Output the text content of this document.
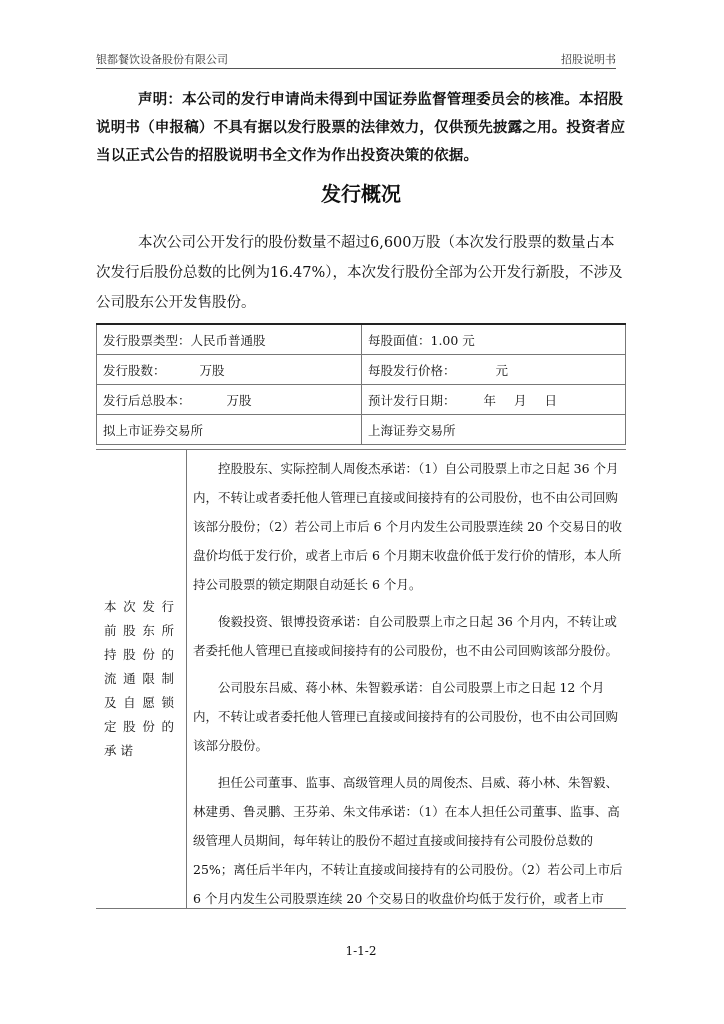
银都餐饮设备股份有限公司	招股说明书
声明：本公司的发行申请尚未得到中国证券监督管理委员会的核准。本招股说明书（申报稿）不具有据以发行股票的法律效力，仅供预先披露之用。投资者应当以正式公告的招股说明书全文作为作出投资决策的依据。
发行概况
本次公司公开发行的股份数量不超过6,600万股（本次发行股票的数量占本次发行后股份总数的比例为16.47%），本次发行股份全部为公开发行新股，不涉及公司股东公开发售股份。
发行股票类型：人民币普通股	每股面值：1.00 元
发行股数： 万股	每股发行价格： 元
发行后总股本： 万股	预计发行日期： 年 月 日
拟上市证券交易所	上海证券交易所
本次发行前股东所持股份的流通限制及自愿锁定股份的承诺

控股股东、实际控制人周俊杰承诺：（1）自公司股票上市之日起 36 个月内，不转让或者委托他人管理已直接或间接持有的公司股份，也不由公司回购该部分股份；（2）若公司上市后 6 个月内发生公司股票连续 20 个交易日的收盘价均低于发行价，或者上市后 6 个月期末收盘价低于发行价的情形，本人所持公司股票的锁定期限自动延长 6 个月。

俊毅投资、银博投资承诺：自公司股票上市之日起 36 个月内，不转让或者委托他人管理已直接或间接持有的公司股份，也不由公司回购该部分股份。

公司股东吕威、蒋小林、朱智毅承诺：自公司股票上市之日起 12 个月内，不转让或者委托他人管理已直接或间接持有的公司股份，也不由公司回购该部分股份。

担任公司董事、监事、高级管理人员的周俊杰、吕威、蒋小林、朱智毅、林建勇、鲁灵鹏、王芬弟、朱文伟承诺：（1）在本人担任公司董事、监事、高级管理人员期间，每年转让的股份不超过直接或间接持有公司股份总数的25%；离任后半年内，不转让直接或间接持有的公司股份。（2）若公司上市后 6 个月内发生公司股票连续 20 个交易日的收盘价均低于发行价，或者上市

1-1-2
